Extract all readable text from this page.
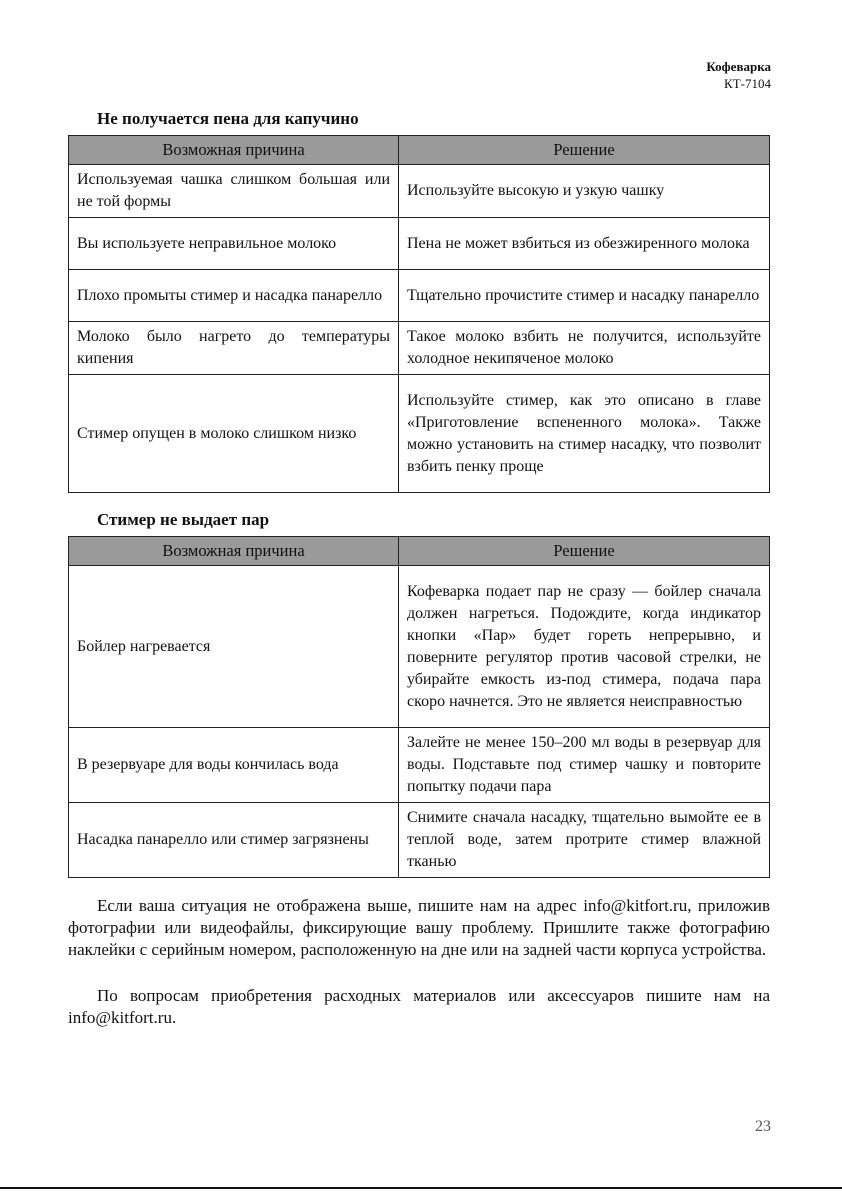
Кофеварка
КТ-7104
Не получается пена для капучино
Возможная причина	Решение
Используемая чашка слишком большая или не той формы	Используйте высокую и узкую чашку
Вы используете неправильное молоко	Пена не может взбиться из обезжиренного молока
Плохо промыты стимер и насадка панарелло	Тщательно прочистите стимер и насадку панарелло
Молоко было нагрето до температуры кипения	Такое молоко взбить не получится, используйте холодное некипяченое молоко
Стимер опущен в молоко слишком низко	Используйте стимер, как это описано в главе «Приготовление вспененного молока». Также можно установить на стимер насадку, что позволит взбить пенку проще
Стимер не выдает пар
Возможная причина	Решение
Бойлер нагревается	Кофеварка подает пар не сразу — бойлер сначала должен нагреться. Подождите, когда индикатор кнопки «Пар» будет гореть непрерывно, и поверните регулятор против часовой стрелки, не убирайте емкость из-под стимера, подача пара скоро начнется. Это не является неисправностью
В резервуаре для воды кончилась вода	Залейте не менее 150–200 мл воды в резервуар для воды. Подставьте под стимер чашку и повторите попытку подачи пара
Насадка панарелло или стимер загрязнены	Снимите сначала насадку, тщательно вымойте ее в теплой воде, затем протрите стимер влажной тканью

Если ваша ситуация не отображена выше, пишите нам на адрес info@kitfort.ru, приложив фотографии или видеофайлы, фиксирующие вашу проблему. Пришлите также фотографию наклейки с серийным номером, расположенную на дне или на задней части корпуса устройства.

По вопросам приобретения расходных материалов или аксессуаров пишите нам на info@kitfort.ru.

23
